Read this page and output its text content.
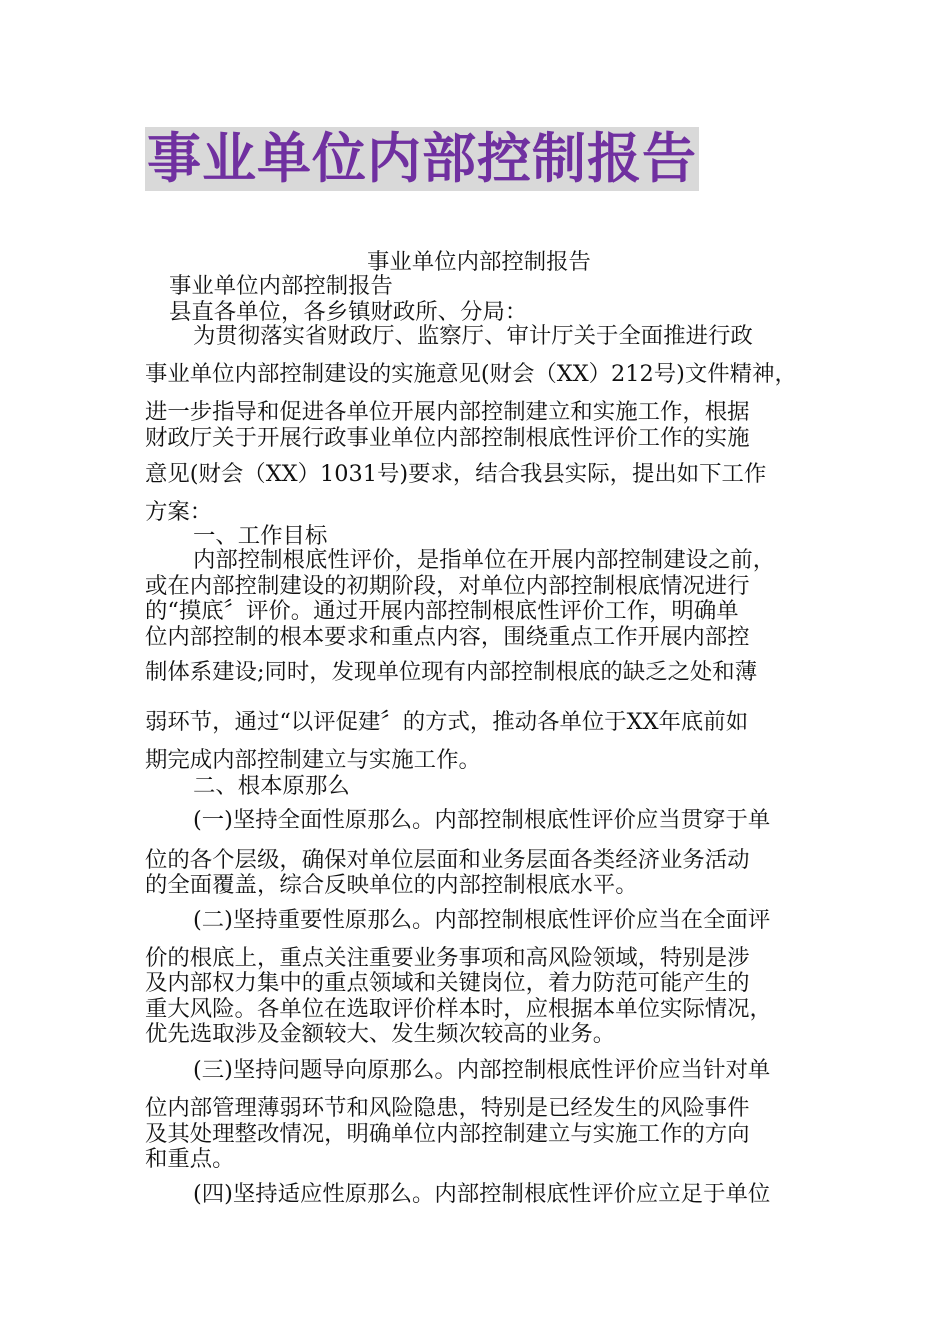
事业单位内部控制报告
事业单位内部控制报告
事业单位内部控制报告
县直各单位，各乡镇财政所、分局：
为贯彻落实省财政厅、监察厅、审计厅关于全面推进行政
事业单位内部控制建设的实施意见(财会（XX）212号)文件精神，
进一步指导和促进各单位开展内部控制建立和实施工作，根据
财政厅关于开展行政事业单位内部控制根底性评价工作的实施
意见(财会（XX）1031号)要求，结合我县实际，提出如下工作
方案：
一、工作目标
内部控制根底性评价，是指单位在开展内部控制建设之前，
或在内部控制建设的初期阶段，对单位内部控制根底情况进行
的“摸底〞评价。通过开展内部控制根底性评价工作，明确单
位内部控制的根本要求和重点内容，围绕重点工作开展内部控
制体系建设;同时，发现单位现有内部控制根底的缺乏之处和薄
弱环节，通过“以评促建〞的方式，推动各单位于XX年底前如
期完成内部控制建立与实施工作。
二、根本原那么
(一)坚持全面性原那么。内部控制根底性评价应当贯穿于单
位的各个层级，确保对单位层面和业务层面各类经济业务活动
的全面覆盖，综合反映单位的内部控制根底水平。
(二)坚持重要性原那么。内部控制根底性评价应当在全面评
价的根底上，重点关注重要业务事项和高风险领域，特别是涉
及内部权力集中的重点领域和关键岗位，着力防范可能产生的
重大风险。各单位在选取评价样本时，应根据本单位实际情况，
优先选取涉及金额较大、发生频次较高的业务。
(三)坚持问题导向原那么。内部控制根底性评价应当针对单
位内部管理薄弱环节和风险隐患，特别是已经发生的风险事件
及其处理整改情况，明确单位内部控制建立与实施工作的方向
和重点。
(四)坚持适应性原那么。内部控制根底性评价应立足于单位
